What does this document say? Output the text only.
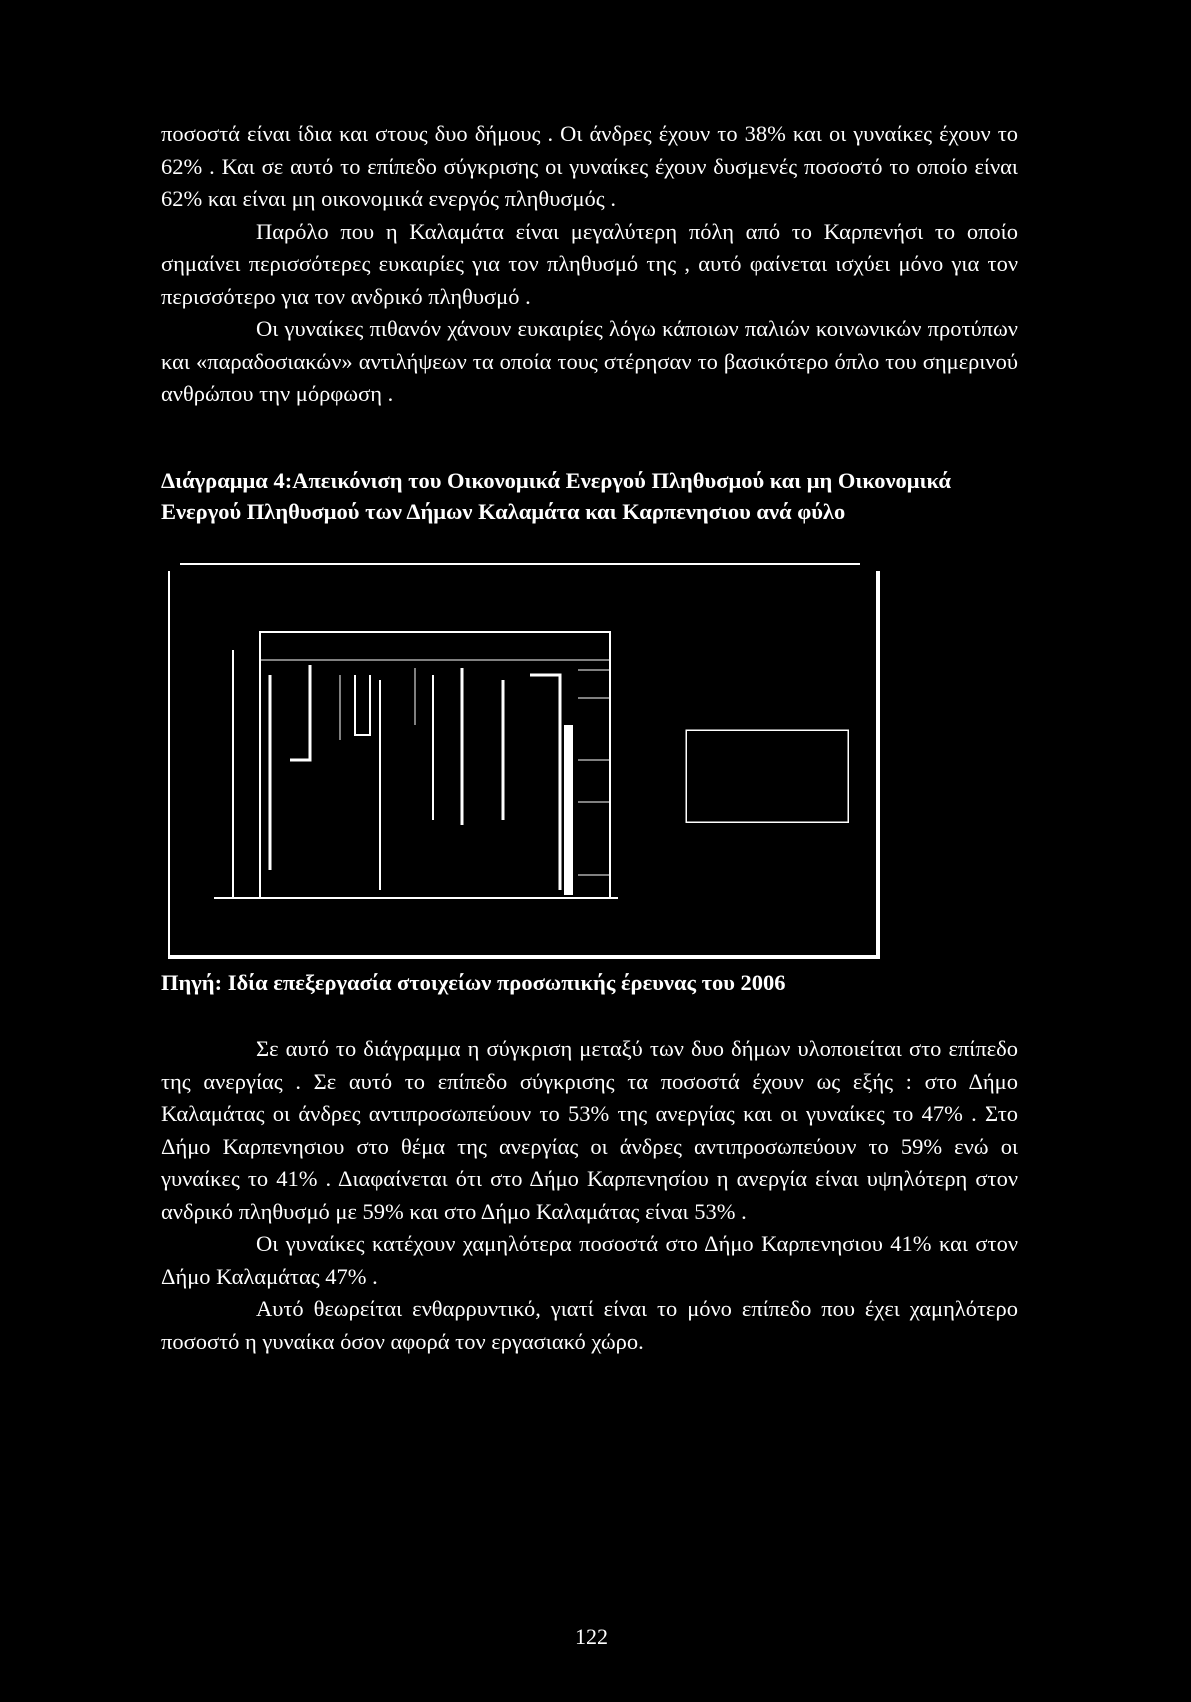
ποσοστά είναι ίδια και στους δυο δήμους . Οι άνδρες έχουν το 38% και οι γυναίκες έχουν το 62% . Και σε αυτό το επίπεδο σύγκρισης οι γυναίκες έχουν δυσμενές ποσοστό το οποίο είναι 62% και είναι μη οικονομικά ενεργός πληθυσμός .

Παρόλο που η Καλαμάτα είναι μεγαλύτερη πόλη από το Καρπενήσι το οποίο σημαίνει περισσότερες ευκαιρίες για τον πληθυσμό της , αυτό φαίνεται ισχύει μόνο για τον περισσότερο για τον ανδρικό πληθυσμό .

Οι γυναίκες πιθανόν χάνουν ευκαιρίες λόγω κάποιων παλιών κοινωνικών προτύπων και «παραδοσιακών» αντιλήψεων τα οποία τους στέρησαν το βασικότερο όπλο του σημερινού ανθρώπου την μόρφωση .

Διάγραμμα 4:Απεικόνιση του Οικονομικά Ενεργού Πληθυσμού και μη Οικονομικά Ενεργού Πληθυσμού των Δήμων Καλαμάτα και Καρπενησιου ανά φύλο
Πηγή: Ιδία επεξεργασία στοιχείων προσωπικής έρευνας του 2006

Σε αυτό το διάγραμμα η σύγκριση μεταξύ των δυο δήμων υλοποιείται στο επίπεδο της ανεργίας . Σε αυτό το επίπεδο σύγκρισης τα ποσοστά έχουν ως εξής : στο Δήμο Καλαμάτας οι άνδρες αντιπροσωπεύουν το 53% της ανεργίας και οι γυναίκες το 47% . Στο Δήμο Καρπενησιου στο θέμα της ανεργίας οι άνδρες αντιπροσωπεύουν το 59% ενώ οι γυναίκες το 41% . Διαφαίνεται ότι στο Δήμο Καρπενησίου η ανεργία είναι υψηλότερη στον ανδρικό πληθυσμό με 59% και στο Δήμο Καλαμάτας είναι 53% .

Οι γυναίκες κατέχουν χαμηλότερα ποσοστά στο Δήμο Καρπενησιου 41% και στον Δήμο Καλαμάτας 47% .

Αυτό θεωρείται ενθαρρυντικό, γιατί είναι το μόνο επίπεδο που έχει χαμηλότερο ποσοστό η γυναίκα όσον αφορά τον εργασιακό χώρο.

122
